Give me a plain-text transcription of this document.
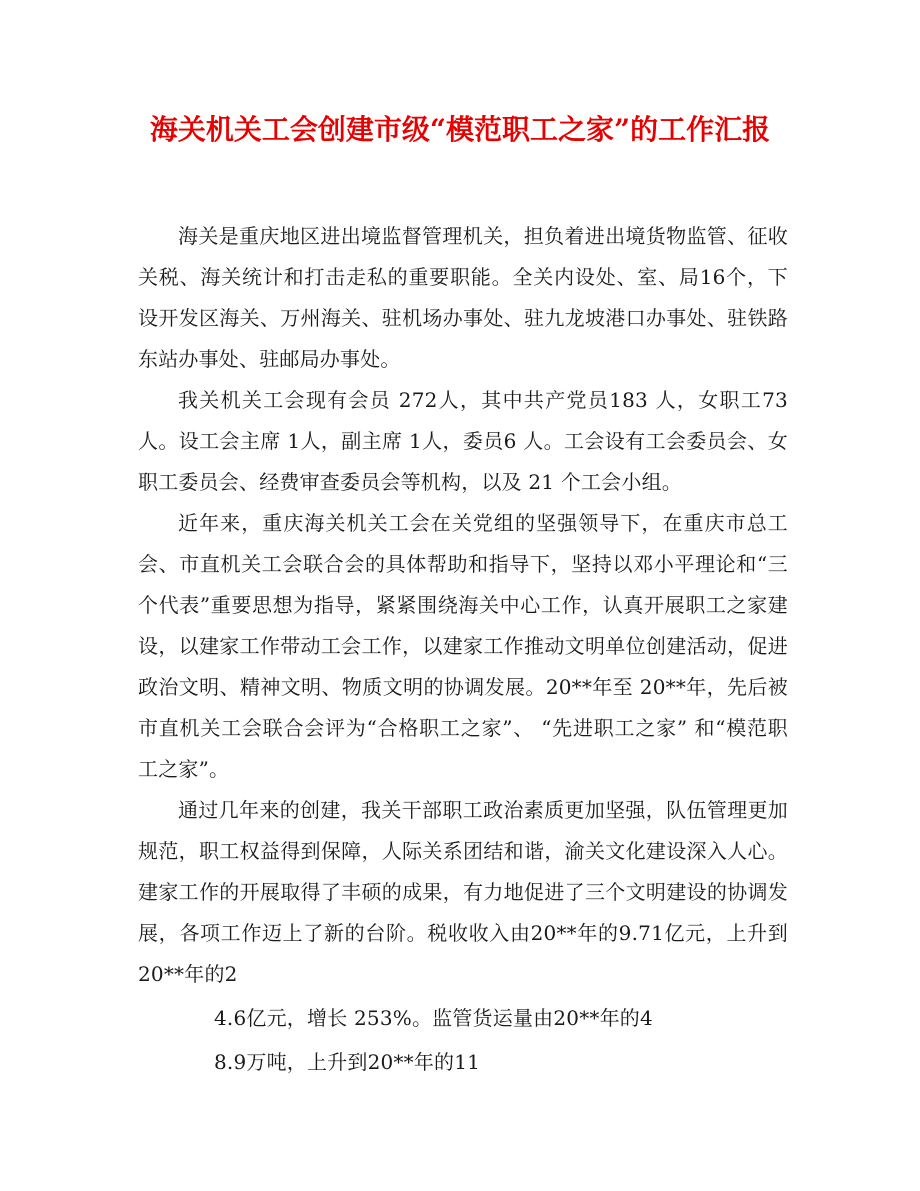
海关机关工会创建市级“模范职工之家”的工作汇报

海关是重庆地区进出境监督管理机关，担负着进出境货物监管、征收关税、海关统计和打击走私的重要职能。全关内设处、室、局16个，下设开发区海关、万州海关、驻机场办事处、驻九龙坡港口办事处、驻铁路东站办事处、驻邮局办事处。

我关机关工会现有会员 272人，其中共产党员183 人，女职工73人。设工会主席 1人，副主席 1人，委员6 人。工会设有工会委员会、女职工委员会、经费审查委员会等机构，以及 21 个工会小组。

近年来，重庆海关机关工会在关党组的坚强领导下，在重庆市总工会、市直机关工会联合会的具体帮助和指导下，坚持以邓小平理论和“三个代表”重要思想为指导，紧紧围绕海关中心工作，认真开展职工之家建设，以建家工作带动工会工作，以建家工作推动文明单位创建活动，促进政治文明、精神文明、物质文明的协调发展。20**年至 20**年，先后被市直机关工会联合会评为“合格职工之家”、 “先进职工之家” 和“模范职工之家”。

通过几年来的创建，我关干部职工政治素质更加坚强，队伍管理更加规范，职工权益得到保障，人际关系团结和谐，渝关文化建设深入人心。建家工作的开展取得了丰硕的成果，有力地促进了三个文明建设的协调发展，各项工作迈上了新的台阶。税收收入由20**年的9.71亿元，上升到20**年的2

4.6亿元，增长 253%。监管货运量由20**年的4

8.9万吨，上升到20**年的11
